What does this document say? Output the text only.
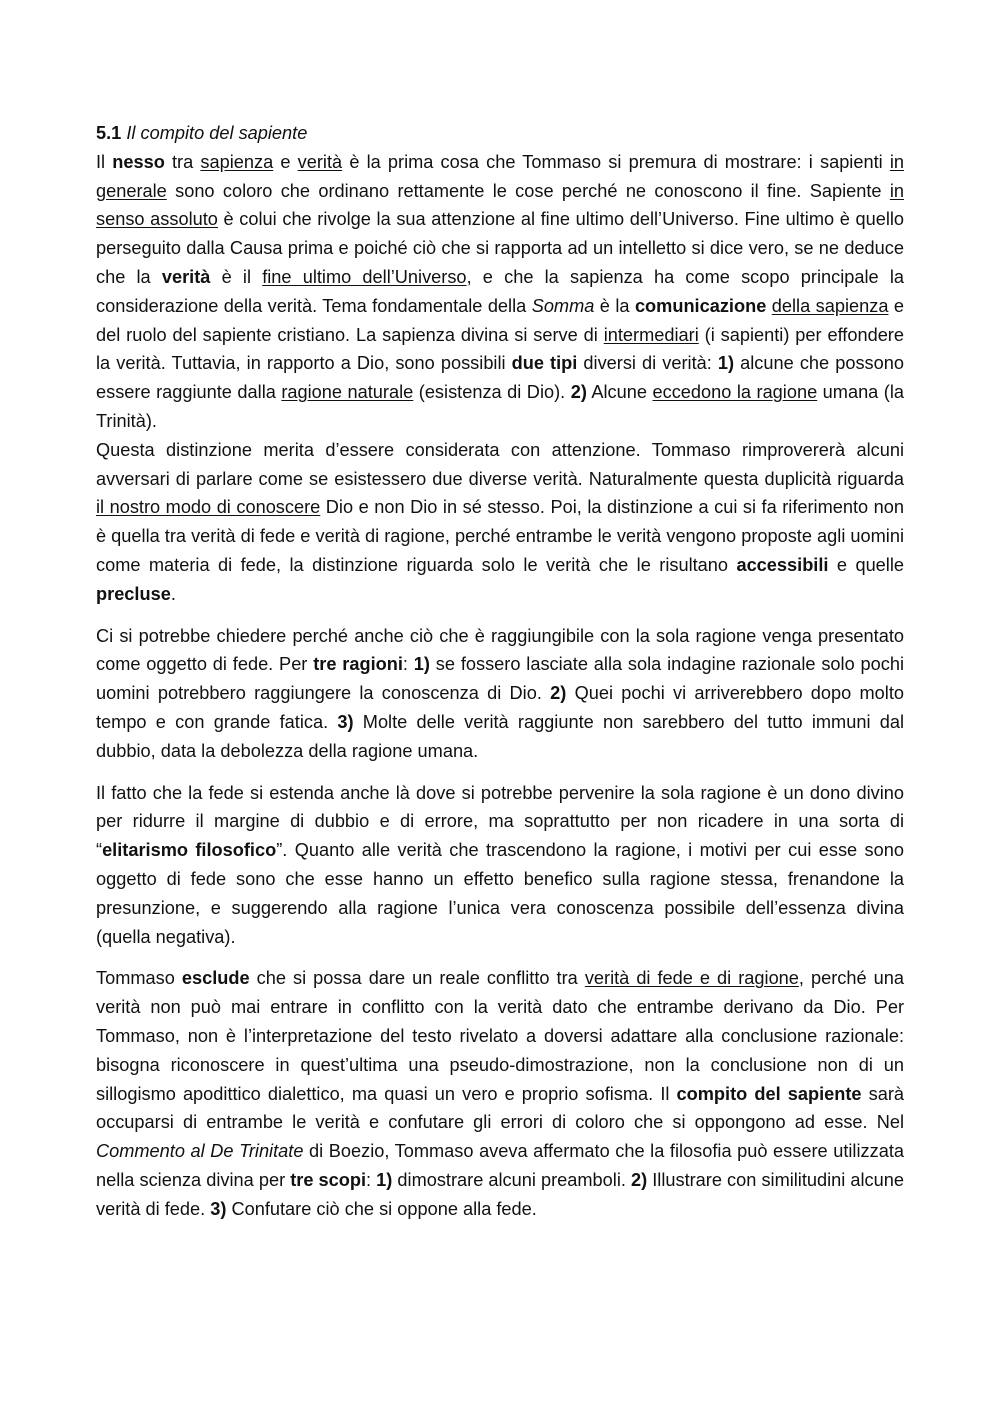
5.1 Il compito del sapiente

Il nesso tra sapienza e verità è la prima cosa che Tommaso si premura di mostrare: i sapienti in generale sono coloro che ordinano rettamente le cose perché ne conoscono il fine. Sapiente in senso assoluto è colui che rivolge la sua attenzione al fine ultimo dell’Universo. Fine ultimo è quello perseguito dalla Causa prima e poiché ciò che si rapporta ad un intelletto si dice vero, se ne deduce che la verità è il fine ultimo dell’Universo, e che la sapienza ha come scopo principale la considerazione della verità. Tema fondamentale della Somma è la comunicazione della sapienza e del ruolo del sapiente cristiano. La sapienza divina si serve di intermediari (i sapienti) per effondere la verità. Tuttavia, in rapporto a Dio, sono possibili due tipi diversi di verità: 1) alcune che possono essere raggiunte dalla ragione naturale (esistenza di Dio). 2) Alcune eccedono la ragione umana (la Trinità).

Questa distinzione merita d’essere considerata con attenzione. Tommaso rimprovererà alcuni avversari di parlare come se esistessero due diverse verità. Naturalmente questa duplicità riguarda il nostro modo di conoscere Dio e non Dio in sé stesso. Poi, la distinzione a cui si fa riferimento non è quella tra verità di fede e verità di ragione, perché entrambe le verità vengono proposte agli uomini come materia di fede, la distinzione riguarda solo le verità che le risultano accessibili e quelle precluse.

Ci si potrebbe chiedere perché anche ciò che è raggiungibile con la sola ragione venga presentato come oggetto di fede. Per tre ragioni: 1) se fossero lasciate alla sola indagine razionale solo pochi uomini potrebbero raggiungere la conoscenza di Dio. 2) Quei pochi vi arriverebbero dopo molto tempo e con grande fatica. 3) Molte delle verità raggiunte non sarebbero del tutto immuni dal dubbio, data la debolezza della ragione umana.

Il fatto che la fede si estenda anche là dove si potrebbe pervenire la sola ragione è un dono divino per ridurre il margine di dubbio e di errore, ma soprattutto per non ricadere in una sorta di “elitarismo filosofico”. Quanto alle verità che trascendono la ragione, i motivi per cui esse sono oggetto di fede sono che esse hanno un effetto benefico sulla ragione stessa, frenandone la presunzione, e suggerendo alla ragione l’unica vera conoscenza possibile dell’essenza divina (quella negativa).

Tommaso esclude che si possa dare un reale conflitto tra verità di fede e di ragione, perché una verità non può mai entrare in conflitto con la verità dato che entrambe derivano da Dio. Per Tommaso, non è l’interpretazione del testo rivelato a doversi adattare alla conclusione razionale: bisogna riconoscere in quest’ultima una pseudo-dimostrazione, non la conclusione non di un sillogismo apodittico dialettico, ma quasi un vero e proprio sofisma. Il compito del sapiente sarà occuparsi di entrambe le verità e confutare gli errori di coloro che si oppongono ad esse. Nel Commento al De Trinitate di Boezio, Tommaso aveva affermato che la filosofia può essere utilizzata nella scienza divina per tre scopi: 1) dimostrare alcuni preamboli. 2) Illustrare con similitudini alcune verità di fede. 3) Confutare ciò che si oppone alla fede.
